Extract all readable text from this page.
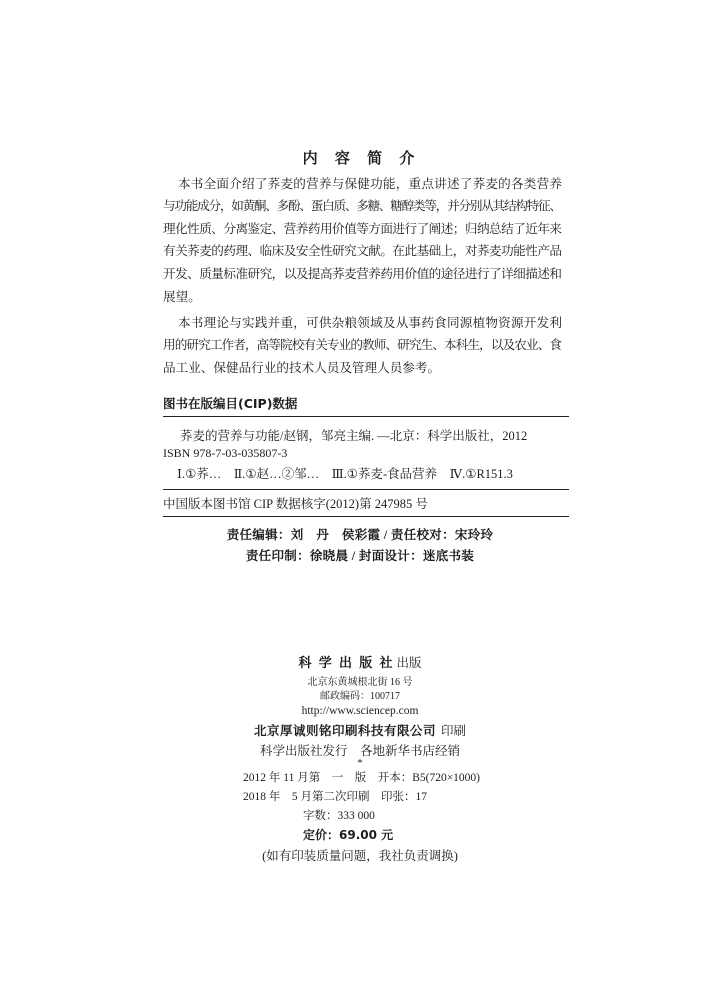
内 容 简 介
本书全面介绍了荞麦的营养与保健功能，重点讲述了荞麦的各类营养
与功能成分，如黄酮、多酚、蛋白质、多糖、糖醇类等，并分别从其结构特征、
理化性质、分离鉴定、营养药用价值等方面进行了阐述；归纳总结了近年来
有关荞麦的药理、临床及安全性研究文献。在此基础上，对荞麦功能性产品
开发、质量标准研究，以及提高荞麦营养药用价值的途径进行了详细描述和
展望。
本书理论与实践并重，可供杂粮领域及从事药食同源植物资源开发利
用的研究工作者，高等院校有关专业的教师、研究生、本科生，以及农业、食
品工业、保健品行业的技术人员及管理人员参考。
图书在版编目(CIP)数据
荞麦的营养与功能/赵钢，邹亮主编. —北京：科学出版社，2012
ISBN 978-7-03-035807-3
Ⅰ.①荞…　Ⅱ.①赵…②邹…　Ⅲ.①荞麦-食品营养　Ⅳ.①R151.3
中国版本图书馆 CIP 数据核字(2012)第 247985 号
责任编辑：刘　丹　侯彩霞 / 责任校对：宋玲玲
责任印制：徐晓晨 / 封面设计：迷底书装
科 学 出 版 社 出版
北京东黄城根北街 16 号
邮政编码：100717
http://www.sciencep.com
北京厚诚则铭印刷科技有限公司 印刷
科学出版社发行　各地新华书店经销
*
2012 年 11 月第　一　版　开本：B5(720×1000)
2018 年　5 月第二次印刷　印张：17
字数：333 000
定价：69.00 元
(如有印装质量问题，我社负责调换)
